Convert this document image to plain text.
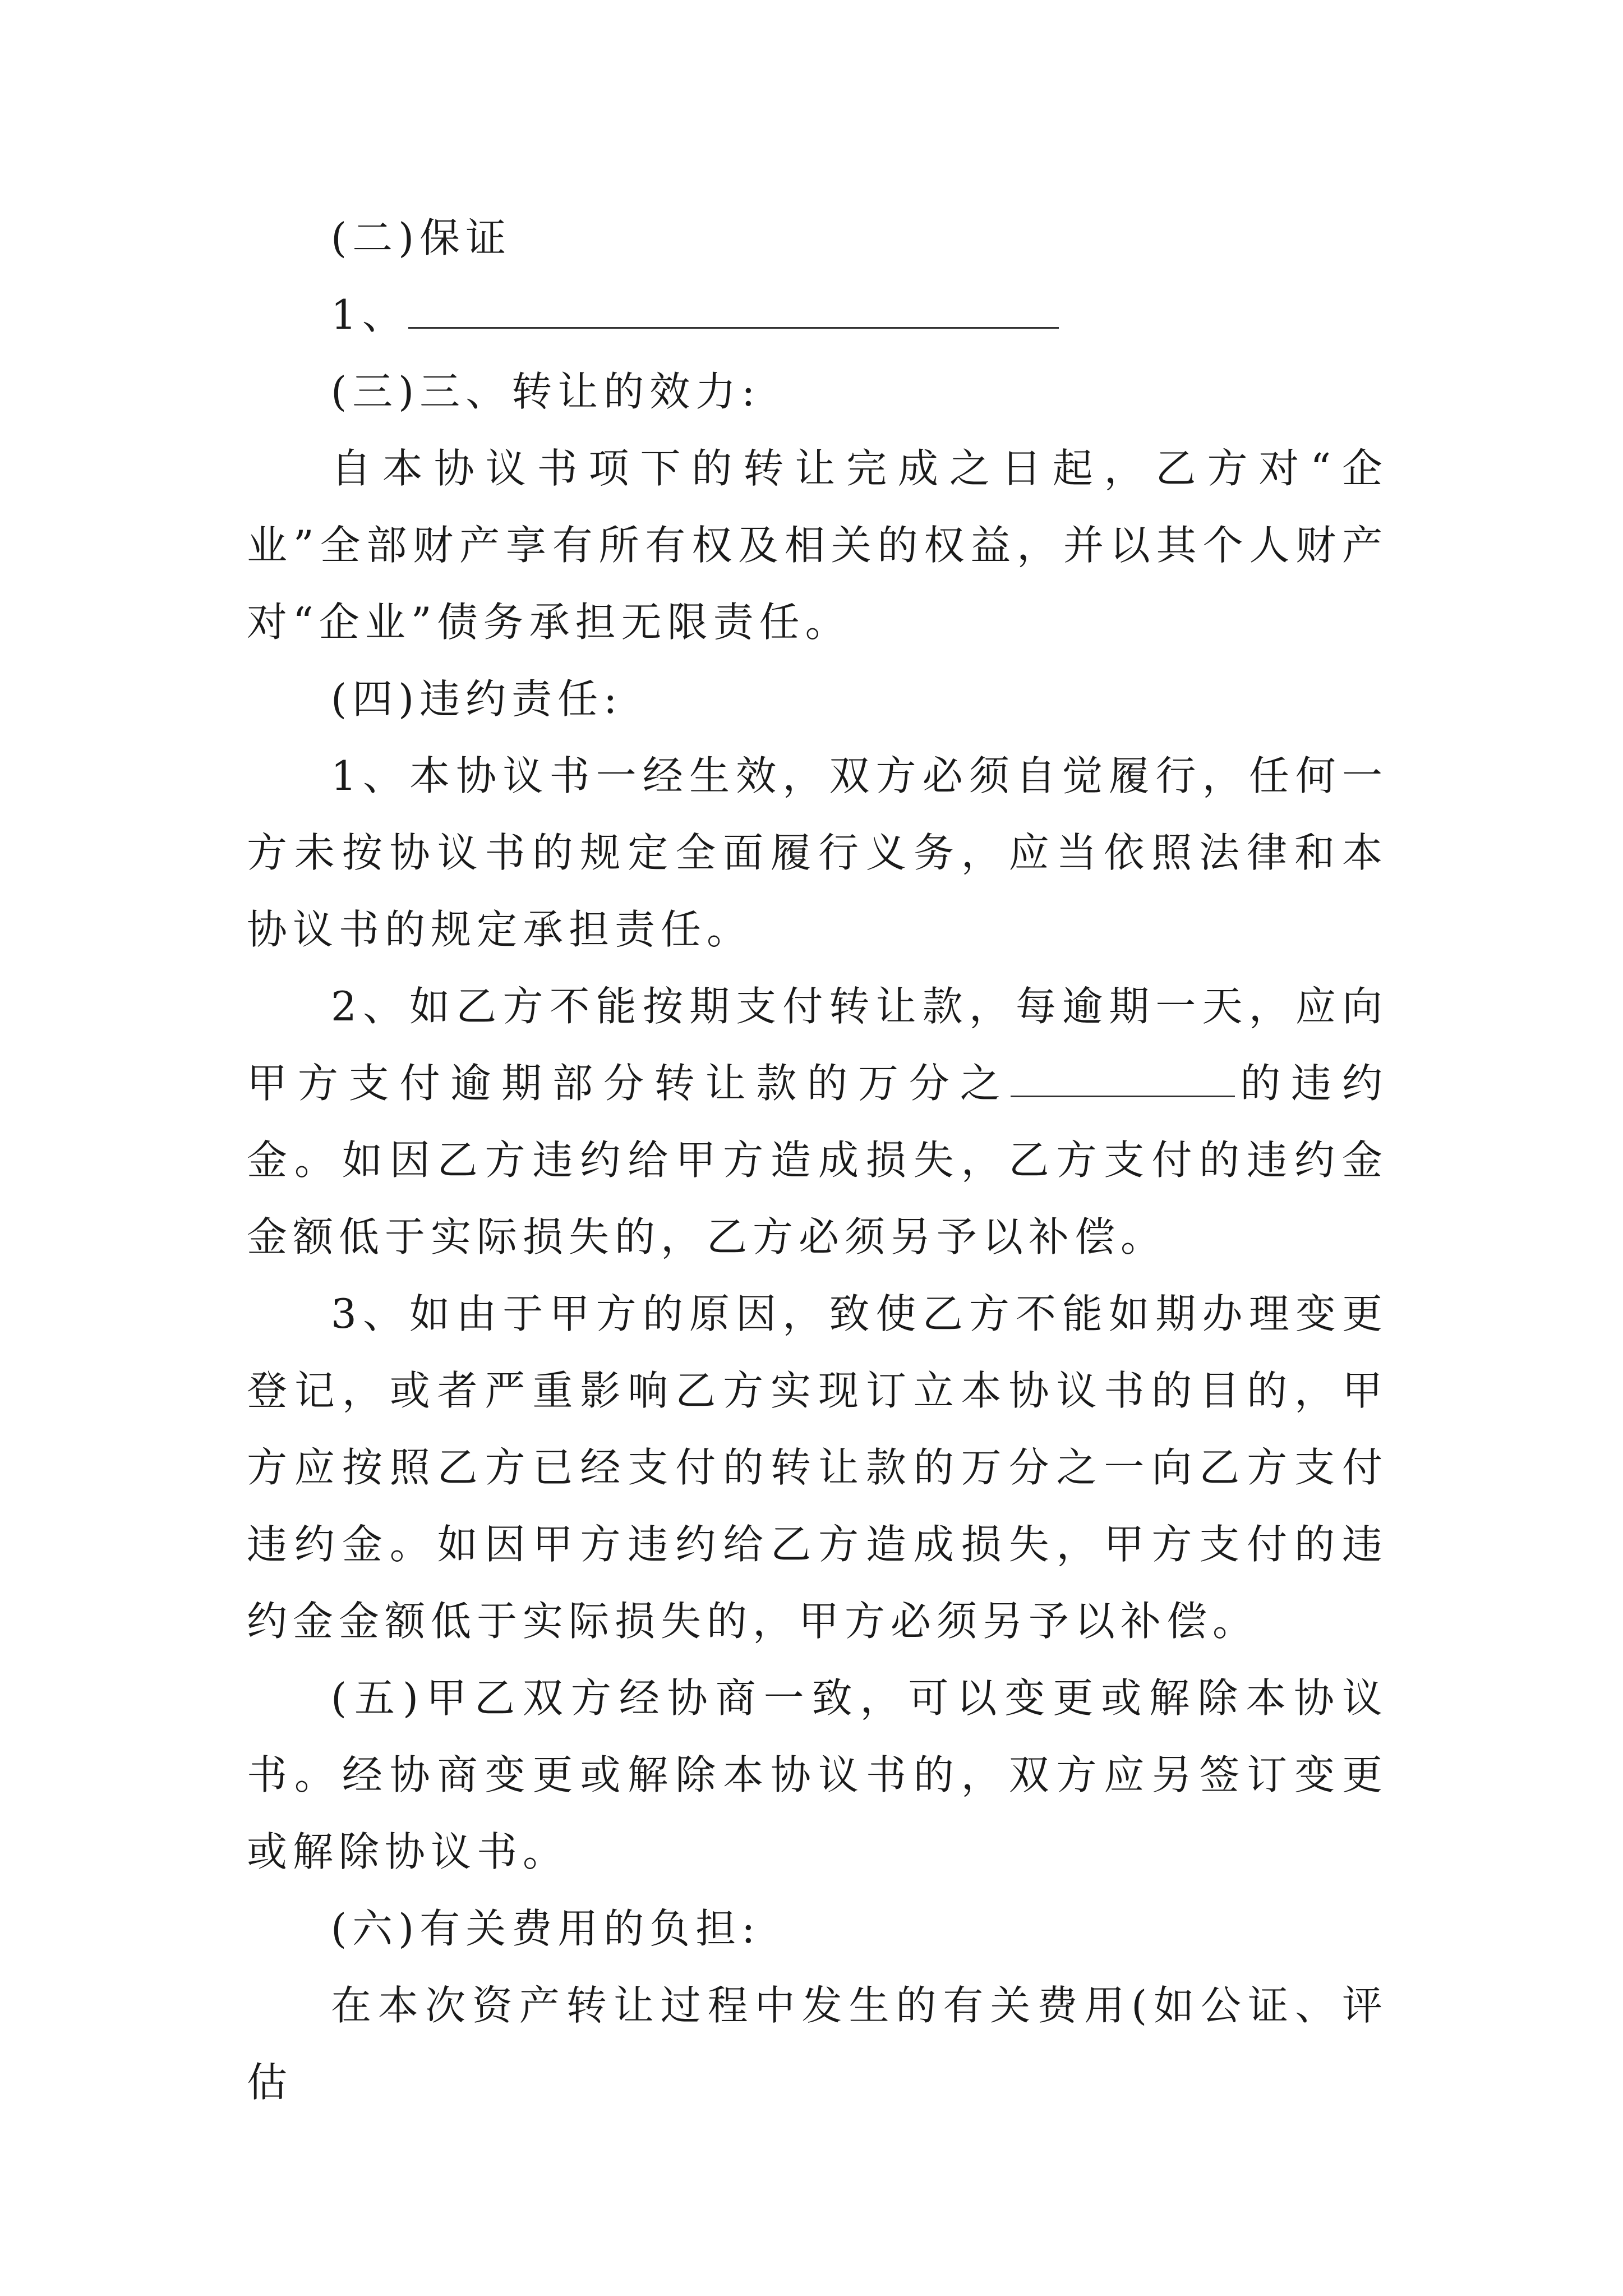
(二)保证

1、

(三)三、转让的效力:

自本协议书项下的转让完成之日起，乙方对“企业”全部财产享有所有权及相关的权益，并以其个人财产对“企业”债务承担无限责任。

(四)违约责任:

1、本协议书一经生效，双方必须自觉履行，任何一方未按协议书的规定全面履行义务，应当依照法律和本协议书的规定承担责任。

2、如乙方不能按期支付转让款，每逾期一天，应向甲方支付逾期部分转让款的万分之	的违约金。如因乙方违约给甲方造成损失，乙方支付的违约金金额低于实际损失的，乙方必须另予以补偿。

3、如由于甲方的原因，致使乙方不能如期办理变更登记，或者严重影响乙方实现订立本协议书的目的，甲方应按照乙方已经支付的转让款的万分之一向乙方支付违约金。如因甲方违约给乙方造成损失，甲方支付的违约金金额低于实际损失的，甲方必须另予以补偿。

(五)甲乙双方经协商一致，可以变更或解除本协议书。经协商变更或解除本协议书的，双方应另签订变更或解除协议书。

(六)有关费用的负担:

在本次资产转让过程中发生的有关费用(如公证、评估
